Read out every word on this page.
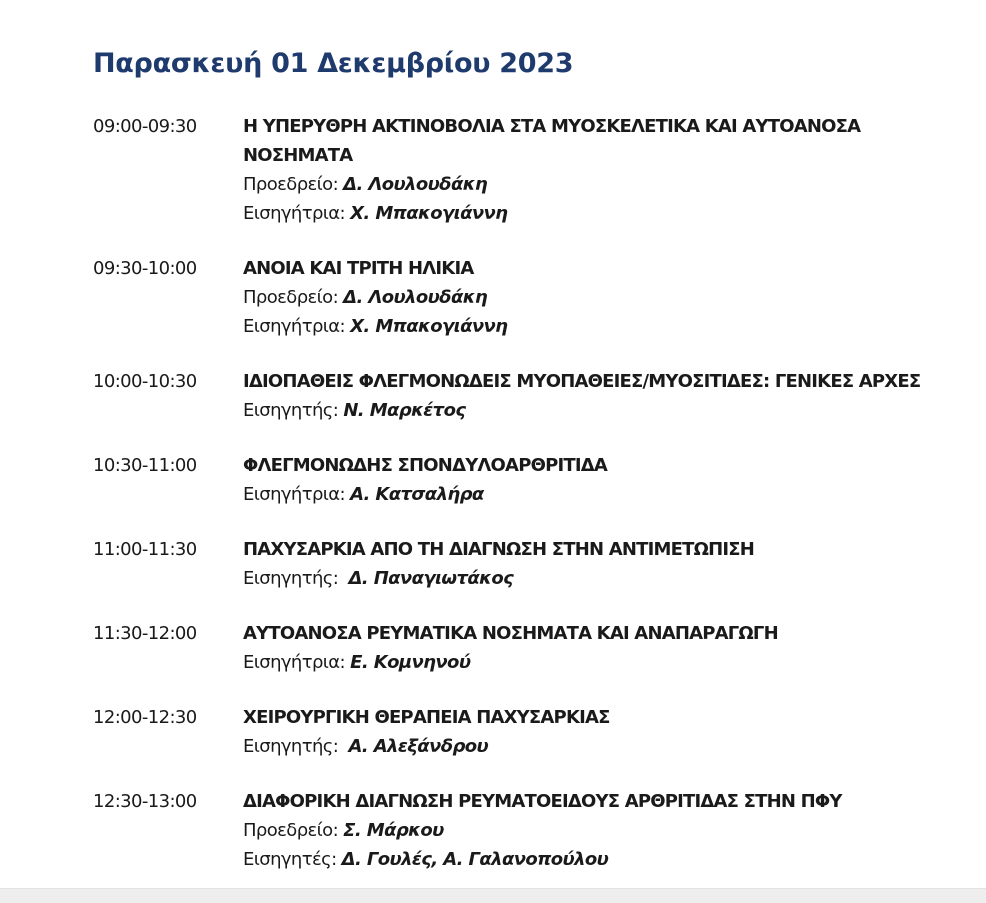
Παρασκευή 01 Δεκεμβρίου 2023
09:00-09:30	Η ΥΠΕΡΥΘΡΗ ΑΚΤΙΝΟΒΟΛΙΑ ΣΤΑ ΜΥΟΣΚΕΛΕΤΙΚΑ ΚΑΙ ΑΥΤΟΑΝΟΣΑ ΝΟΣΗΜΑΤΑ
Προεδρείο: Δ. Λουλουδάκη
Εισηγήτρια: Χ. Μπακογιάννη
09:30-10:00	ΑΝΟΙΑ ΚΑΙ ΤΡΙΤΗ ΗΛΙΚΙΑ
Προεδρείο: Δ. Λουλουδάκη
Εισηγήτρια: Χ. Μπακογιάννη
10:00-10:30	ΙΔΙΟΠΑΘΕΙΣ ΦΛΕΓΜΟΝΩΔΕΙΣ ΜΥΟΠΑΘΕΙΕΣ/ΜΥΟΣΙΤΙΔΕΣ: ΓΕΝΙΚΕΣ ΑΡΧΕΣ
Εισηγητής: Ν. Μαρκέτος
10:30-11:00	ΦΛΕΓΜΟΝΩΔΗΣ ΣΠΟΝΔΥΛΟΑΡΘΡΙΤΙΔΑ
Εισηγήτρια: Α. Κατσαλήρα
11:00-11:30	ΠΑΧΥΣΑΡΚΙΑ ΑΠΟ ΤΗ ΔΙΑΓΝΩΣΗ ΣΤΗΝ ΑΝΤΙΜΕΤΩΠΙΣΗ
Εισηγητής:  Δ. Παναγιωτάκος
11:30-12:00	ΑΥΤΟΑΝΟΣΑ ΡΕΥΜΑΤΙΚΑ ΝΟΣΗΜΑΤΑ ΚΑΙ ΑΝΑΠΑΡΑΓΩΓΗ
Εισηγήτρια: Ε. Κομνηνού
12:00-12:30	ΧΕΙΡΟΥΡΓΙΚΗ ΘΕΡΑΠΕΙΑ ΠΑΧΥΣΑΡΚΙΑΣ
Εισηγητής:  Α. Αλεξάνδρου
12:30-13:00	ΔΙΑΦΟΡΙΚΗ ΔΙΑΓΝΩΣΗ ΡΕΥΜΑΤΟΕΙΔΟΥΣ ΑΡΘΡΙΤΙΔΑΣ ΣΤΗΝ ΠΦΥ
Προεδρείο: Σ. Μάρκου
Εισηγητές: Δ. Γουλές, Α. Γαλανοπούλου
